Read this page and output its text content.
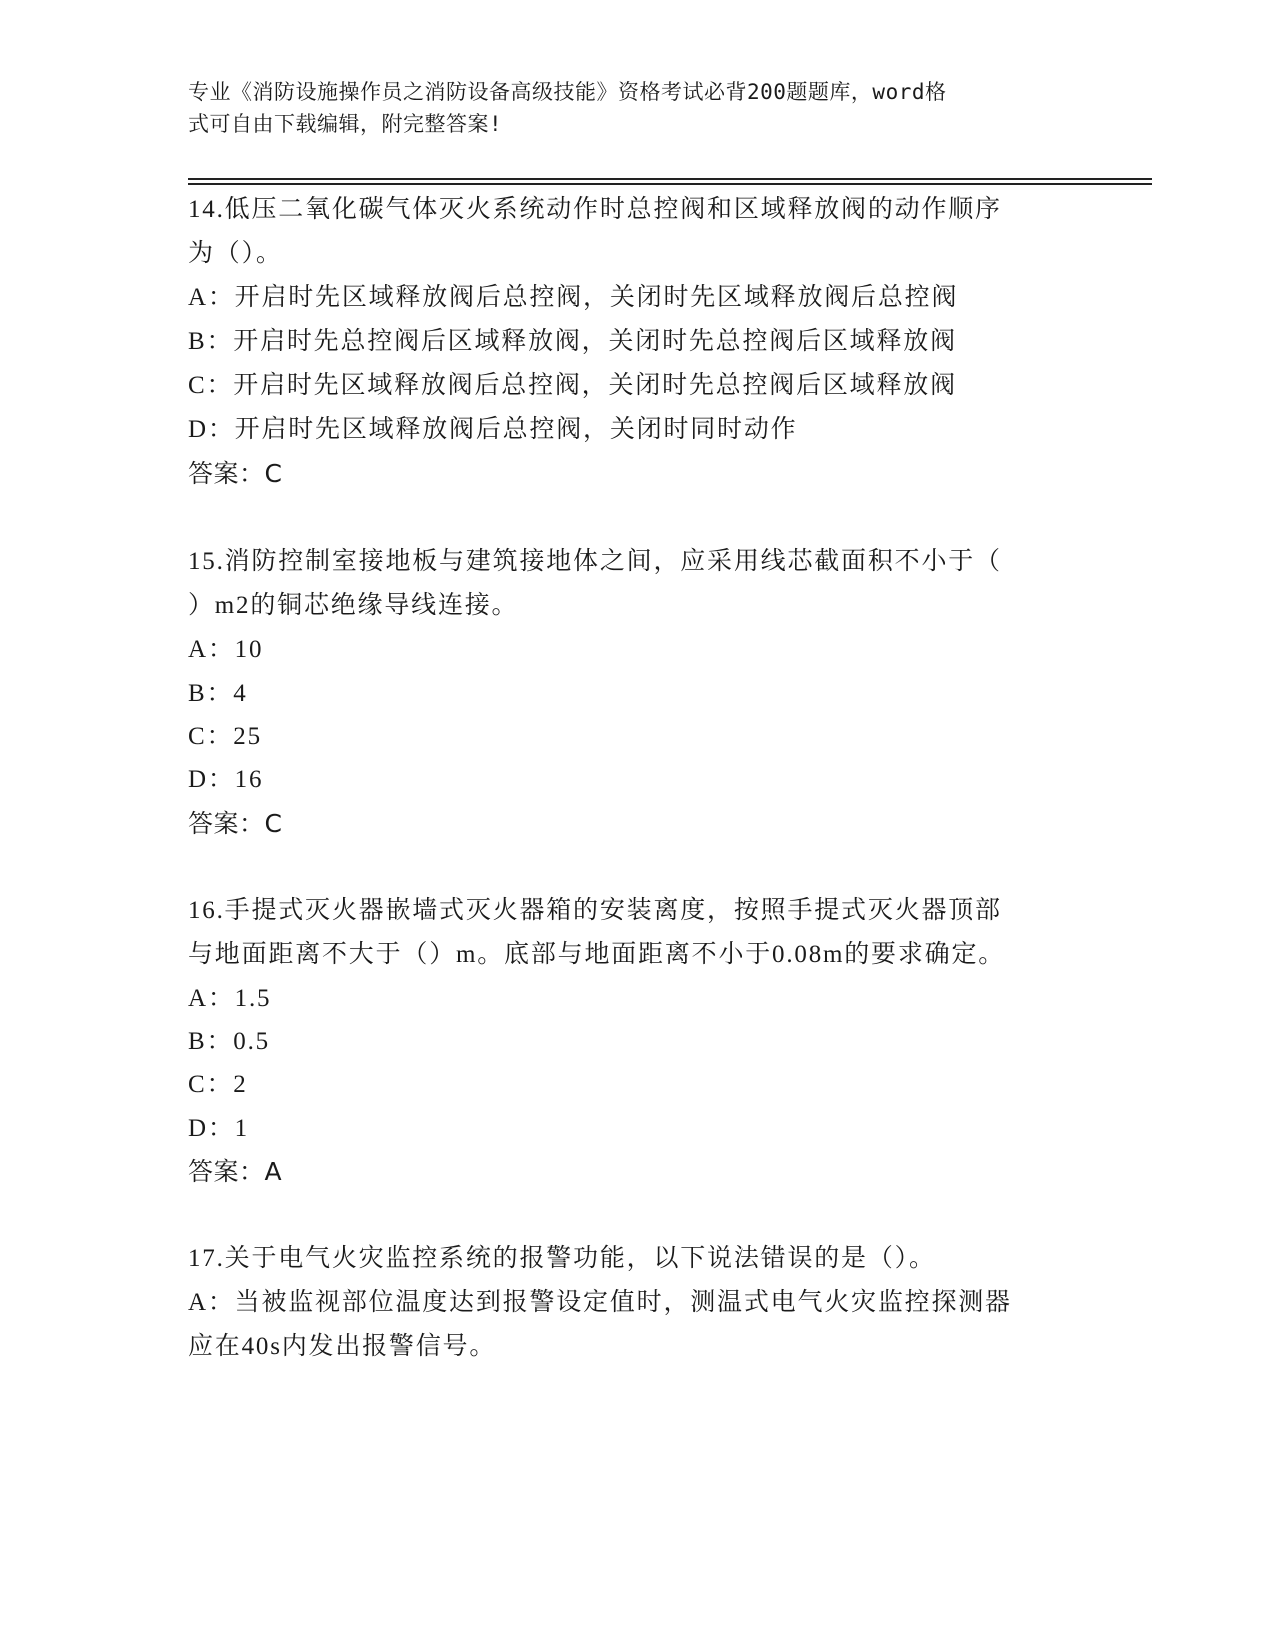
专业《消防设施操作员之消防设备高级技能》资格考试必背200题题库，word格
式可自由下载编辑，附完整答案!
14.低压二氧化碳气体灭火系统动作时总控阀和区域释放阀的动作顺序
为（）。
A：开启时先区域释放阀后总控阀，关闭时先区域释放阀后总控阀
B：开启时先总控阀后区域释放阀，关闭时先总控阀后区域释放阀
C：开启时先区域释放阀后总控阀，关闭时先总控阀后区域释放阀
D：开启时先区域释放阀后总控阀，关闭时同时动作
答案：C
15.消防控制室接地板与建筑接地体之间，应采用线芯截面积不小于（
）m2的铜芯绝缘导线连接。
A：10
B：4
C：25
D：16
答案：C
16.手提式灭火器嵌墙式灭火器箱的安装离度，按照手提式灭火器顶部
与地面距离不大于（）m。底部与地面距离不小于0.08m的要求确定。
A：1.5
B：0.5
C：2
D：1
答案：A
17.关于电气火灾监控系统的报警功能，以下说法错误的是（）。
A：当被监视部位温度达到报警设定值时，测温式电气火灾监控探测器
应在40s内发出报警信号。
